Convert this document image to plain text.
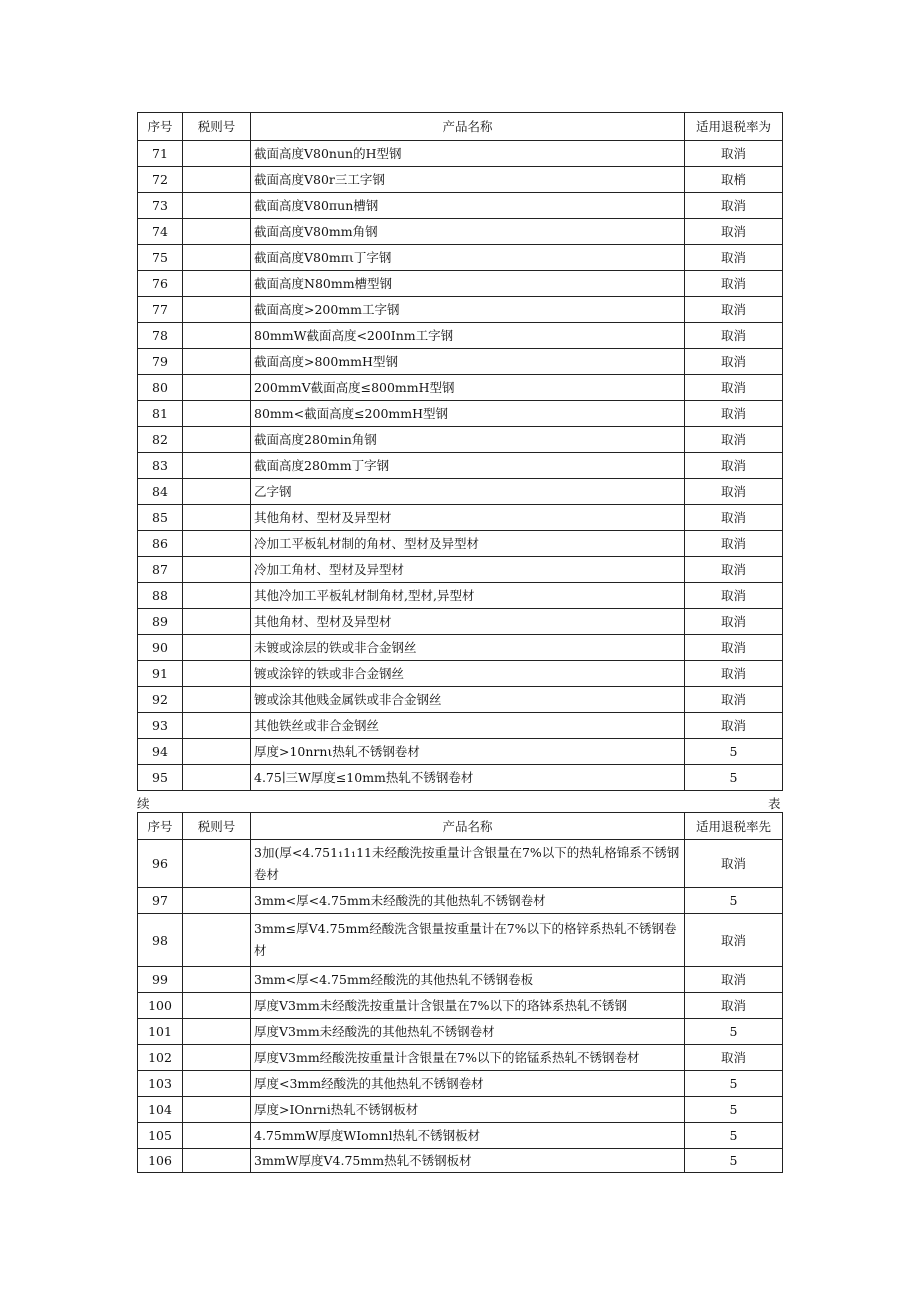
序号	税则号	产品名称	适用退税率为
71		截面高度V80nun的H型钢	取消
72		截面高度V80r三工字钢	取梢
73		截面高度V80πun槽钢	取消
74		截面高度V80mm角钢	取消
75		截面高度V80mπι丁字钢	取消
76		截面高度N80mm槽型钢	取消
77		截面高度>200mm工字钢	取消
78		80mmW截面高度<200Inm工字钢	取消
79		截面高度>800mmH型钢	取消
80		200mmV截面高度≤800mmH型钢	取消
81		80mm<截面高度≤200mmH型钢	取消
82		截面高度280min角钢	取消
83		截面高度280mm丁字钢	取消
84		乙字钢	取消
85		其他角材、型材及异型材	取消
86		冷加工平板轧材制的角材、型材及异型材	取消
87		冷加工角材、型材及异型材	取消
88		其他冷加工平板轧材制角材,型材,异型材	取消
89		其他角材、型材及异型材	取消
90		未镀或涂层的铁或非合金钢丝	取消
91		镀或涂锌的铁或非合金钢丝	取消
92		镀或涂其他贱金属铁或非合金钢丝	取消
93		其他铁丝或非合金钢丝	取消
94		厚度>10nrnι热轧不锈钢卷材	5
95		4.75∣三W厚度≤10mm热轧不锈钢卷材	5
续	表
序号	税则号	产品名称	适用退税率先
96		3加(厚<4.751₁1₁11未经酸洗按重量计含银量在7%以下的热轧格锦系不锈钢卷材	取消
97		3mm<厚<4.75mm未经酸洗的其他热轧不锈钢卷材	5
98		3mm≤厚V4.75mm经酸洗含银量按重量计在7%以下的格锌系热轧不锈钢卷材	取消
99		3mm<厚<4.75mm经酸洗的其他热轧不锈钢卷板	取消
100		厚度V3mm未经酸洗按重量计含银量在7%以下的珞钵系热轧不锈钢	取消
101		厚度V3mm未经酸洗的其他热轧不锈钢卷材	5
102		厚度V3mm经酸洗按重量计含银量在7%以下的铭锰系热轧不锈钢卷材	取消
103		厚度<3mm经酸洗的其他热轧不锈钢卷材	5
104		厚度>IOnrni热轧不锈钢板材	5
105		4.75mmW厚度WIomnl热轧不锈钢板材	5
106		3mmW厚度V4.75mm热轧不锈钢板材	5
